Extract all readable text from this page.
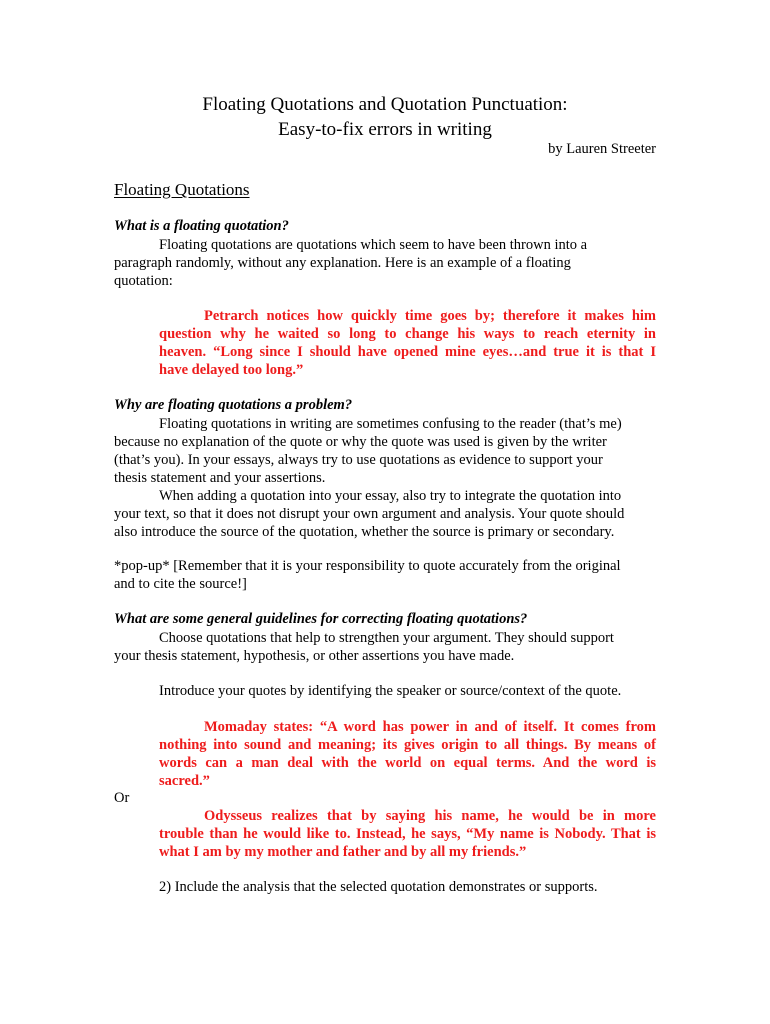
Floating Quotations and Quotation Punctuation:
Easy-to-fix errors in writing
by Lauren Streeter
Floating Quotations
What is a floating quotation?
Floating quotations are quotations which seem to have been thrown into a
paragraph randomly, without any explanation. Here is an example of a floating
quotation:
Petrarch notices how quickly time goes by; therefore it makes him
question why he waited so long to change his ways to reach eternity in
heaven. “Long since I should have opened mine eyes…and true it is that I
have delayed too long.”
Why are floating quotations a problem?
Floating quotations in writing are sometimes confusing to the reader (that’s me)
because no explanation of the quote or why the quote was used is given by the writer
(that’s you). In your essays, always try to use quotations as evidence to support your
thesis statement and your assertions.
When adding a quotation into your essay, also try to integrate the quotation into
your text, so that it does not disrupt your own argument and analysis. Your quote should
also introduce the source of the quotation, whether the source is primary or secondary.
*pop-up* [Remember that it is your responsibility to quote accurately from the original
and to cite the source!]
What are some general guidelines for correcting floating quotations?
Choose quotations that help to strengthen your argument. They should support
your thesis statement, hypothesis, or other assertions you have made.
Introduce your quotes by identifying the speaker or source/context of the quote.
Momaday states: “A word has power in and of itself. It comes from
nothing into sound and meaning; its gives origin to all things. By means of
words can a man deal with the world on equal terms. And the word is
sacred.”
Or
Odysseus realizes that by saying his name, he would be in more
trouble than he would like to. Instead, he says, “My name is Nobody. That is
what I am by my mother and father and by all my friends.”
2) Include the analysis that the selected quotation demonstrates or supports.
